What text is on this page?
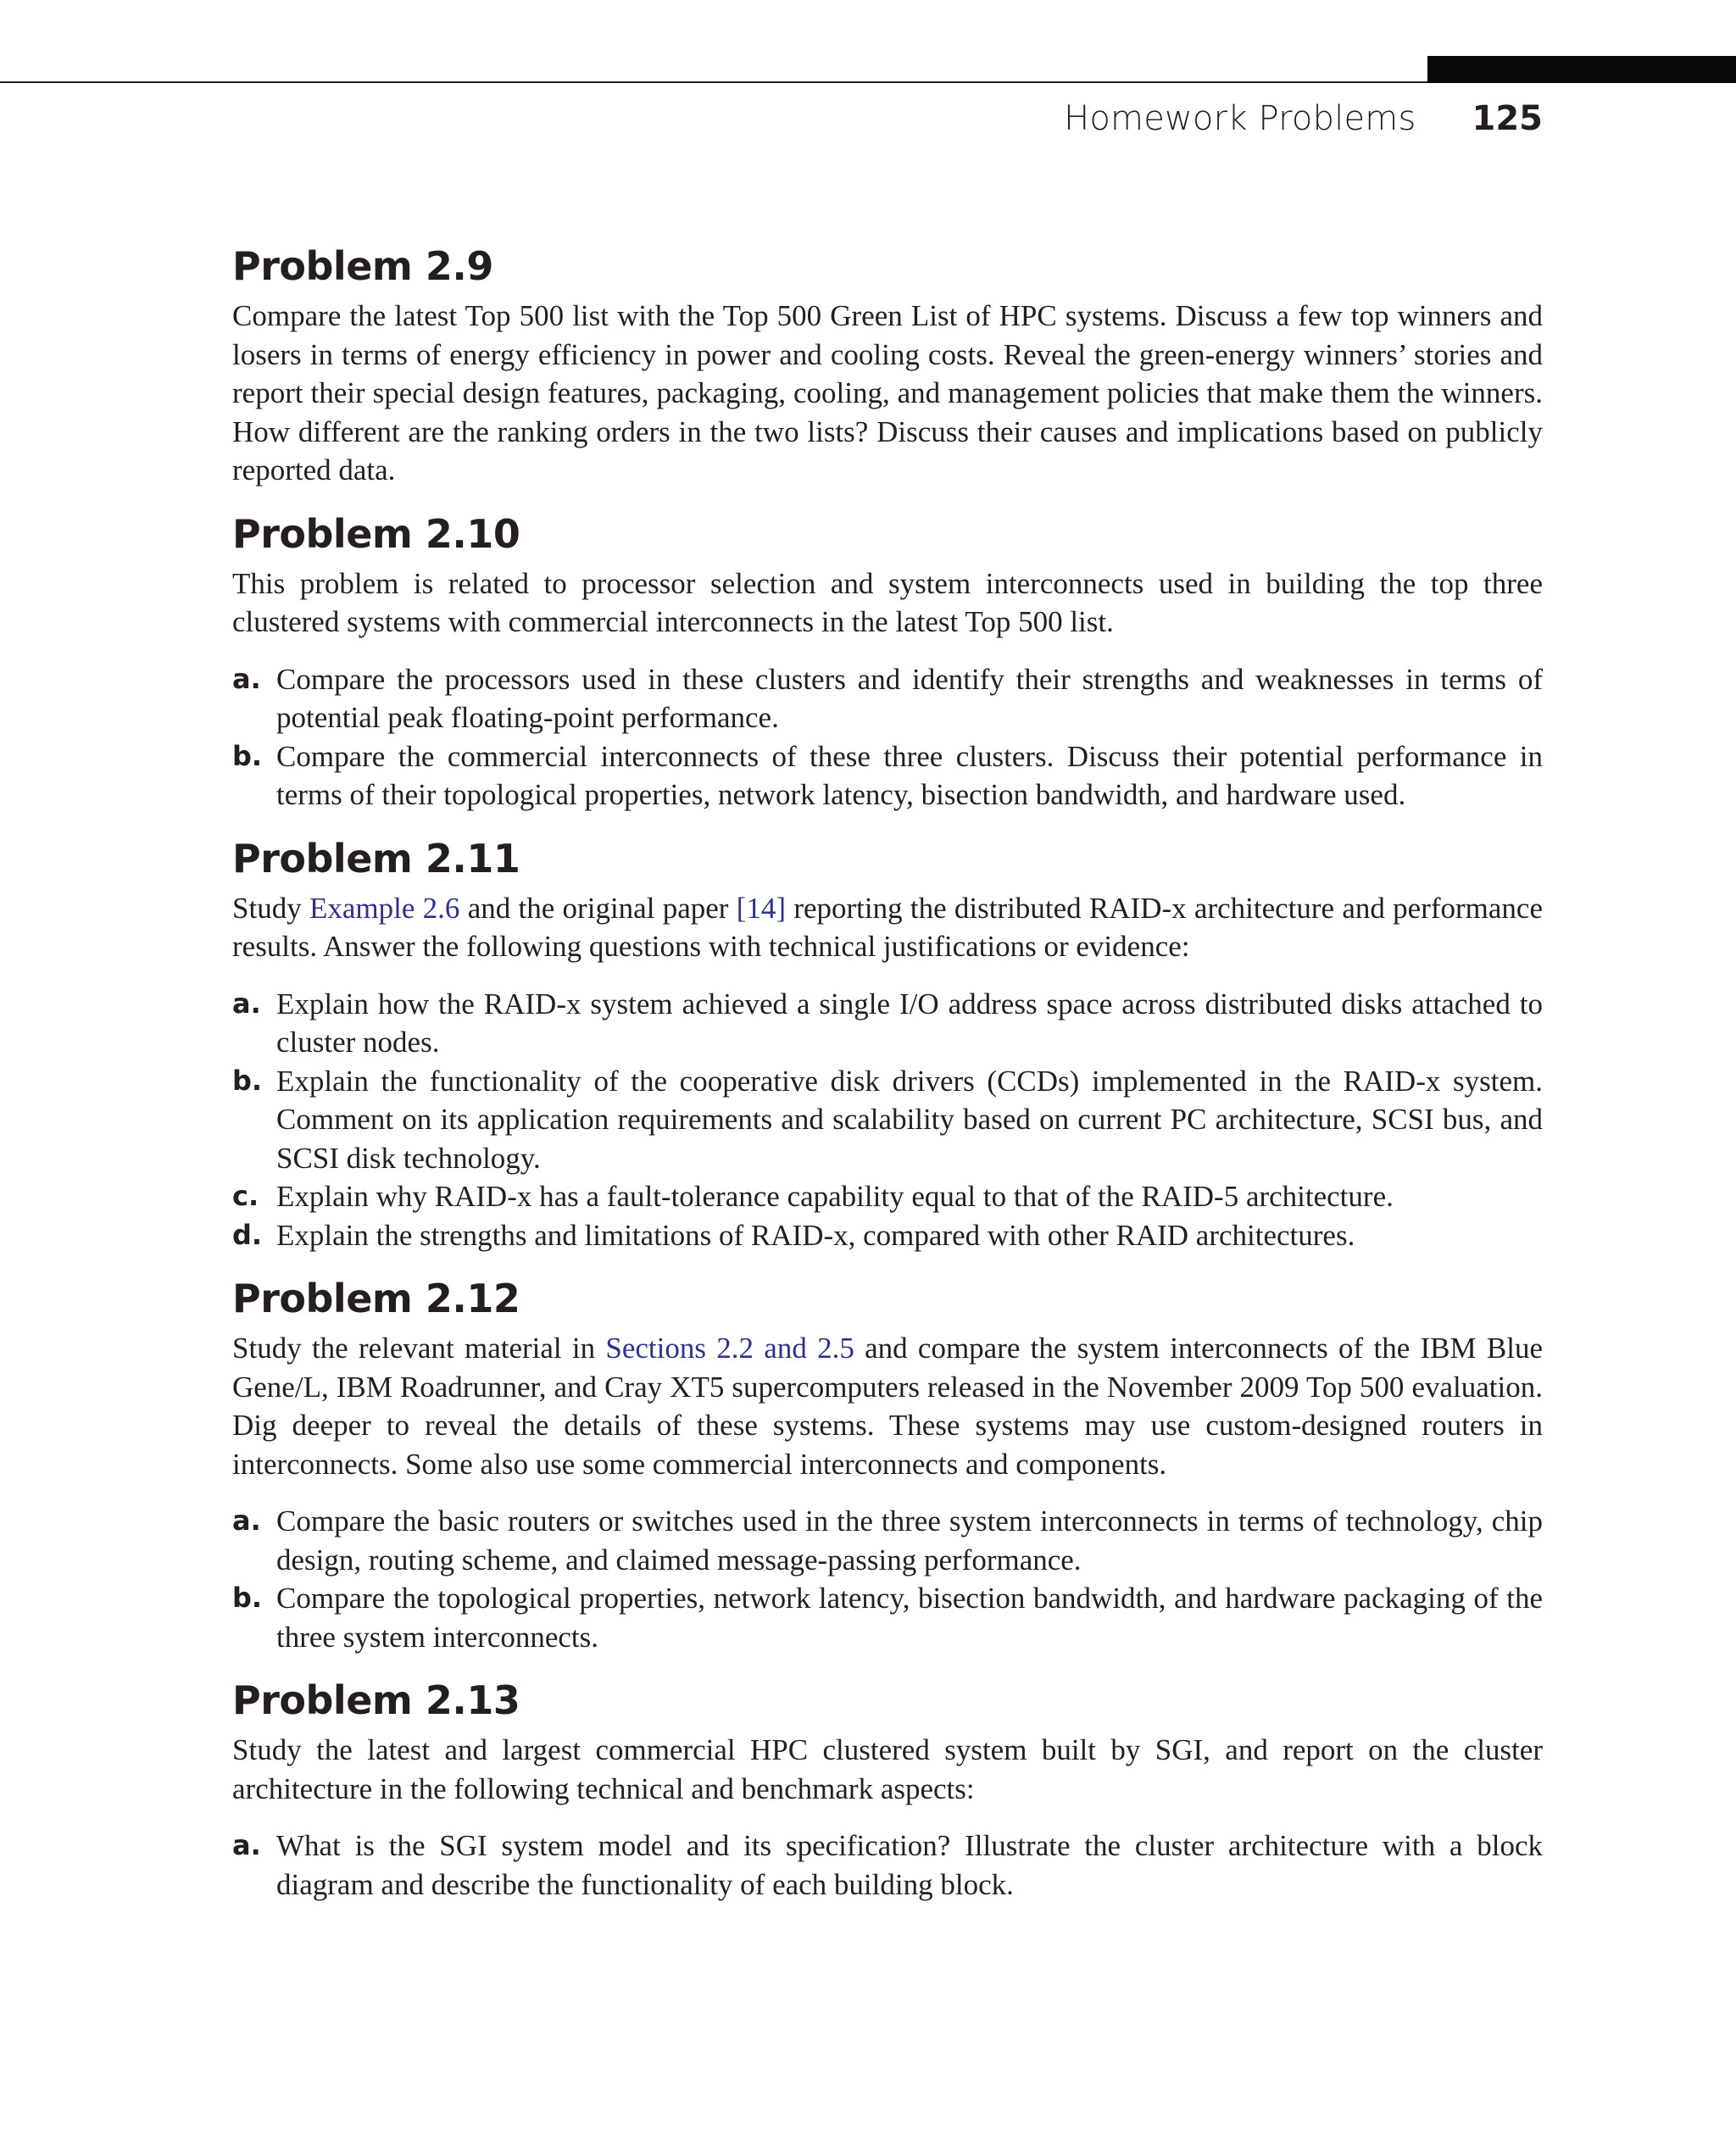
Homework Problems 125
Problem 2.9

Compare the latest Top 500 list with the Top 500 Green List of HPC systems. Discuss a few top winners and losers in terms of energy efficiency in power and cooling costs. Reveal the green-energy winners’ stories and report their special design features, packaging, cooling, and management policies that make them the winners. How different are the ranking orders in the two lists? Discuss their causes and implications based on publicly reported data.

Problem 2.10

This problem is related to processor selection and system interconnects used in building the top three clustered systems with commercial interconnects in the latest Top 500 list.

a. Compare the processors used in these clusters and identify their strengths and weaknesses in terms of potential peak floating-point performance.
b. Compare the commercial interconnects of these three clusters. Discuss their potential performance in terms of their topological properties, network latency, bisection bandwidth, and hardware used.
Problem 2.11

Study Example 2.6 and the original paper [14] reporting the distributed RAID-x architecture and performance results. Answer the following questions with technical justifications or evidence:

a. Explain how the RAID-x system achieved a single I/O address space across distributed disks attached to cluster nodes.
b. Explain the functionality of the cooperative disk drivers (CCDs) implemented in the RAID-x system. Comment on its application requirements and scalability based on current PC architecture, SCSI bus, and SCSI disk technology.
c. Explain why RAID-x has a fault-tolerance capability equal to that of the RAID-5 architecture.
d. Explain the strengths and limitations of RAID-x, compared with other RAID architectures.
Problem 2.12

Study the relevant material in Sections 2.2 and 2.5 and compare the system interconnects of the IBM Blue Gene/L, IBM Roadrunner, and Cray XT5 supercomputers released in the November 2009 Top 500 evaluation. Dig deeper to reveal the details of these systems. These systems may use custom-designed routers in interconnects. Some also use some commercial interconnects and components.

a. Compare the basic routers or switches used in the three system interconnects in terms of technology, chip design, routing scheme, and claimed message-passing performance.
b. Compare the topological properties, network latency, bisection bandwidth, and hardware packaging of the three system interconnects.
Problem 2.13

Study the latest and largest commercial HPC clustered system built by SGI, and report on the cluster architecture in the following technical and benchmark aspects:

a. What is the SGI system model and its specification? Illustrate the cluster architecture with a block diagram and describe the functionality of each building block.
